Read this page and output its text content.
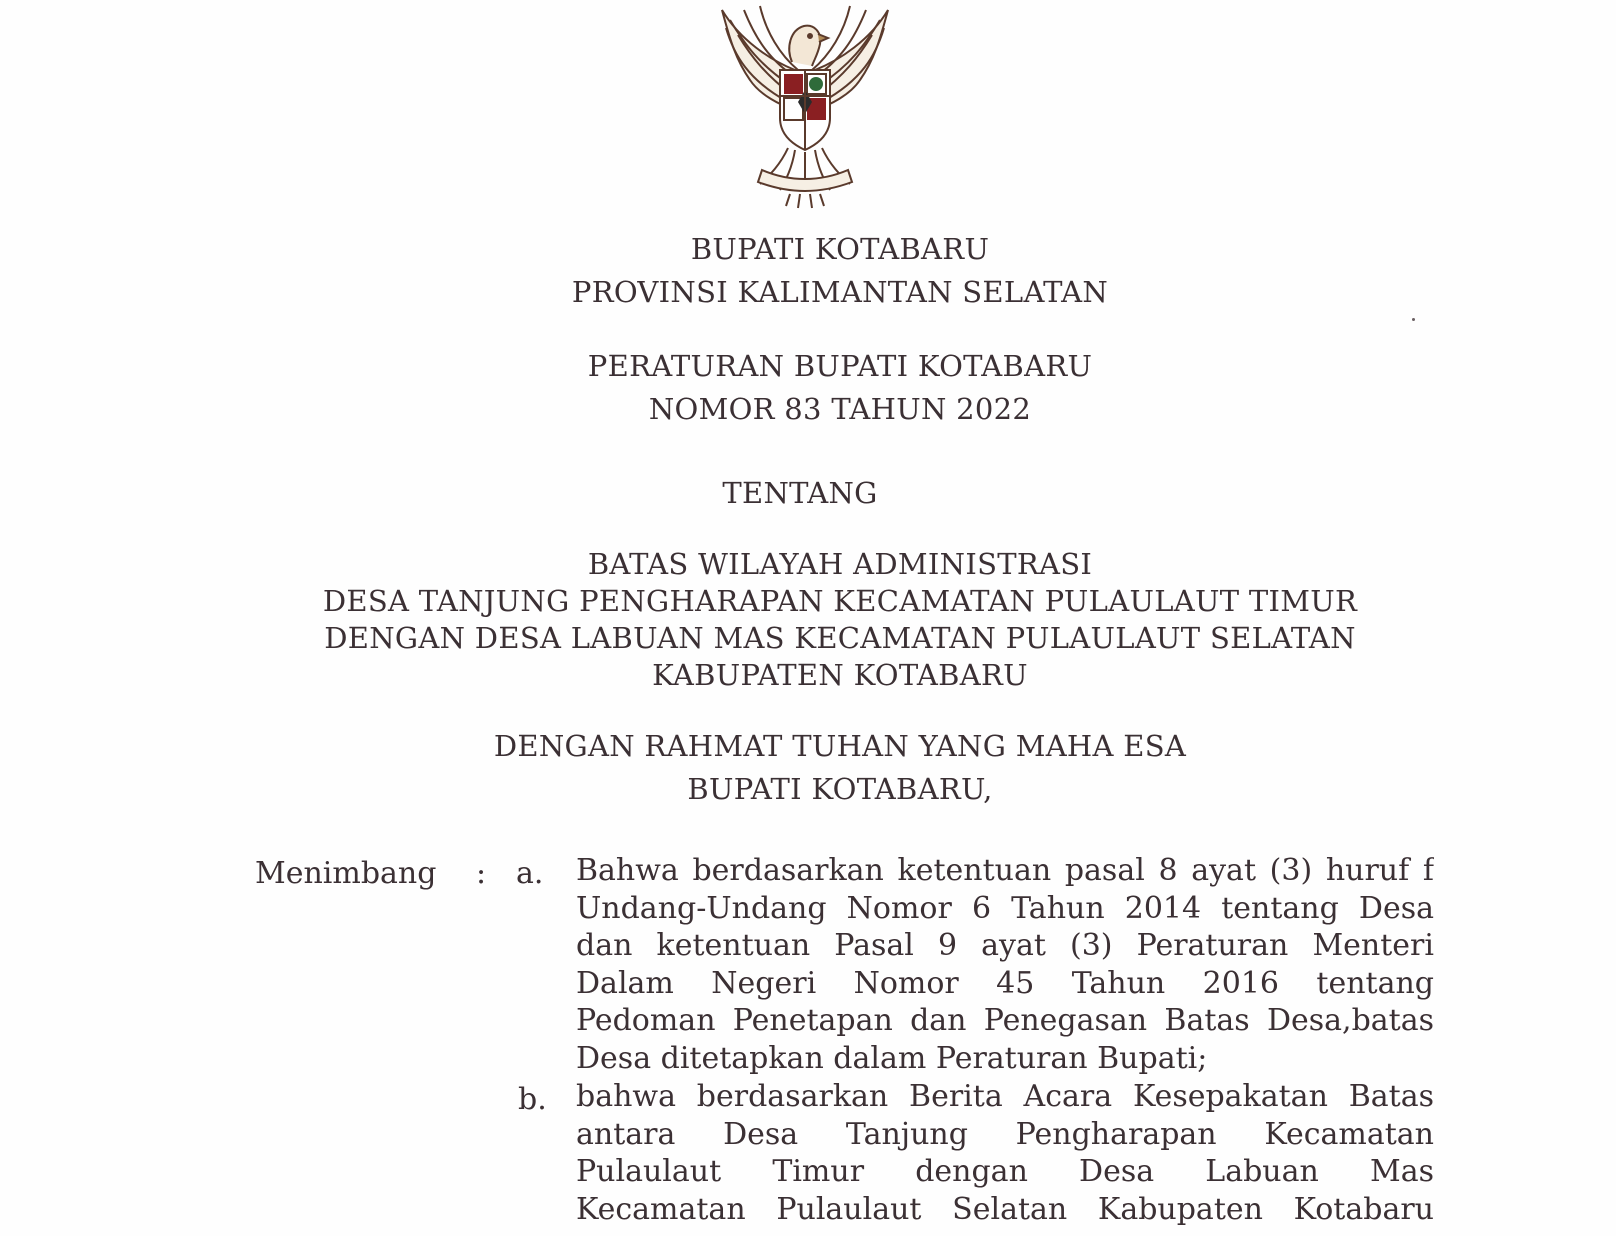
BUPATI KOTABARU
PROVINSI KALIMANTAN SELATAN
PERATURAN BUPATI KOTABARU
NOMOR 83 TAHUN 2022
TENTANG
BATAS WILAYAH ADMINISTRASI
DESA TANJUNG PENGHARAPAN KECAMATAN PULAULAUT TIMUR
DENGAN DESA LABUAN MAS KECAMATAN PULAULAUT SELATAN
KABUPATEN KOTABARU
DENGAN RAHMAT TUHAN YANG MAHA ESA
BUPATI KOTABARU,
Menimbang : a. Bahwa berdasarkan ketentuan pasal 8 ayat (3) huruf f
Undang-Undang Nomor 6 Tahun 2014 tentang Desa
dan ketentuan Pasal 9 ayat (3) Peraturan Menteri
Dalam Negeri Nomor 45 Tahun 2016 tentang
Pedoman Penetapan dan Penegasan Batas Desa,batas
Desa ditetapkan dalam Peraturan Bupati;
b. bahwa berdasarkan Berita Acara Kesepakatan Batas
antara Desa Tanjung Pengharapan Kecamatan
Pulaulaut Timur dengan Desa Labuan Mas
Kecamatan Pulaulaut Selatan Kabupaten Kotabaru
